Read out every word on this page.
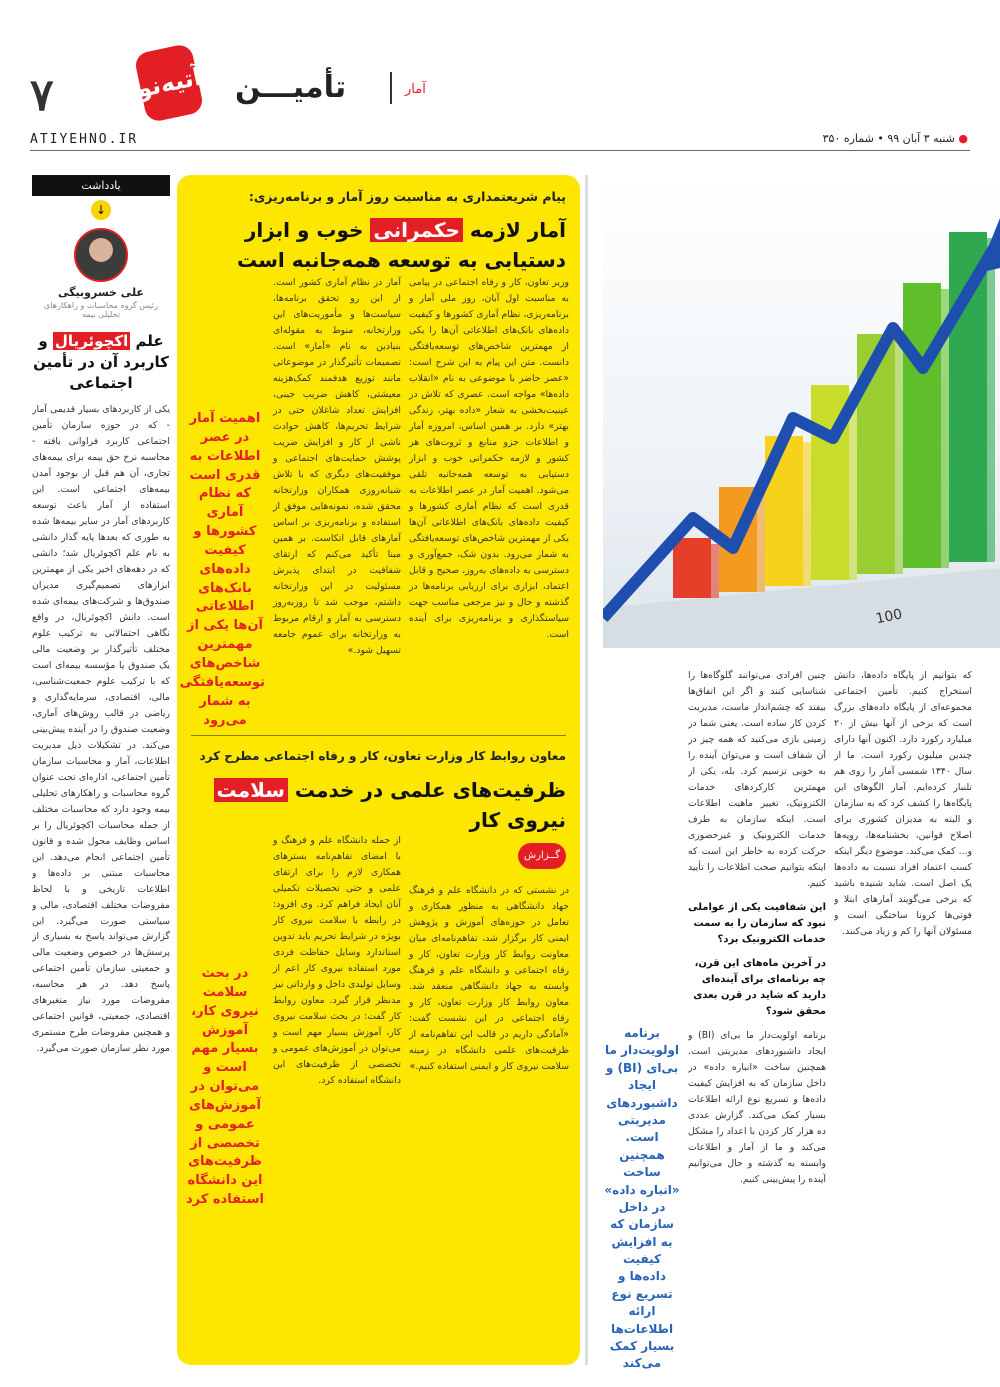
۷	آتیه‌نو تأمیـــن	آمار
ATIYEHNO.IR	● شنبه ۳ آبان ۹۹ • شماره ۳۵۰
یادداشت
↓
علی خسروبیگی
رئیس گروه محاسبات و راهکارهای تحلیلی بیمه
علم اکچوئریال و کاربرد آن در تأمین اجتماعی
یکی از کاربردهای بسیار قدیمی آمار - که در حوزه سازمان تأمین اجتماعی کاربرد فراوانی یافته - محاسبه نرخ حق بیمه برای بیمه‌های تجاری، آن هم قبل از بوجود آمدن بیمه‌های اجتماعی است. این استفاده از آمار باعث توسعه کاربردهای آمار در سایر بیمه‌ها شده به طوری که بعدها پایه گذار دانشی به نام علم اکچوئریال شد؛ دانشی که در دهه‌های اخیر یکی از مهمترین ابزارهای تصمیم‌گیری مدیران صندوق‌ها و شرکت‌های بیمه‌ای شده است. دانش اکچوئریال، در واقع نگاهی احتمالاتی به ترکیب علوم مختلف تأثیرگذار بر وضعیت مالی یک صندوق یا مؤسسه بیمه‌ای است که با ترکیب علوم جمعیت‌شناسی، مالی، اقتصادی، سرمایه‌گذاری و ریاضی در قالب روش‌های آماری، وضعیت صندوق را در آینده پیش‌بینی می‌کند. در تشکیلات ذیل مدیریت اطلاعات، آمار و محاسبات سازمان تأمین اجتماعی، اداره‌ای تحت عنوان گروه محاسبات و راهکارهای تحلیلی بیمه وجود دارد که محاسبات مختلف از جمله محاسبات اکچوئریال را بر اساس وظایف محول شده و قانون تأمین اجتماعی انجام می‌دهد. این محاسبات مبتنی بر داده‌ها و اطلاعات تاریخی و با لحاظ مفروضات مختلف اقتصادی، مالی و سیاستی صورت می‌گیرد. این گزارش می‌تواند پاسخ به بسیاری از پرسش‌ها در خصوص وضعیت مالی و جمعیتی سازمان تأمین اجتماعی پاسخ دهد. در هر محاسبه، مفروضات مورد نیاز متغیرهای اقتصادی، جمعیتی، قوانین اجتماعی و همچنین مفروضات طرح مستمری مورد نظر سازمان صورت می‌گیرد.
پیام شریعتمداری به مناسبت روز آمار و برنامه‌ریزی:
آمار لازمه حکمرانی خوب و ابزار دستیابی به توسعه همه‌جانبه است
اهمیت آمار در عصر اطلاعات به قدری است که نظام آماری کشورها و کیفیت داده‌های بانک‌های اطلاعاتی آن‌ها یکی از مهمترین شاخص‌های توسعه‌یافتگی به شمار می‌رود
آمار در نظام آماری کشور است. از این رو تحقق برنامه‌ها، سیاست‌ها و مأموریت‌های این وزارتخانه، منوط به مقوله‌ای بنیادین به نام «آمار» است. تصمیمات تأثیرگذار در موضوعاتی مانند توزیع هدفمند کمک‌هزینه معیشتی، کاهش ضریب جینی، افزایش تعداد شاغلان حتی در شرایط تحریم‌ها، کاهش حوادث ناشی از کار و افزایش ضریب پوشش حمایت‌های اجتماعی و موفقیت‌های دیگری که با تلاش شبانه‌روزی همکاران وزارتخانه محقق شده، نمونه‌هایی موفق از استفاده و برنامه‌ریزی بر اساس آمارهای قابل اتکاست. بر همین مبنا تأکید می‌کنم که ارتقای شفافیت در ابتدای پذیرش مسئولیت در این وزارتخانه داشتم، موجب شد تا روزبه‌روز دسترسی به آمار و ارقام مربوط به وزارتخانه برای عموم جامعه تسهیل شود.»
وزیر تعاون، کار و رفاه اجتماعی در پیامی به مناسبت اول آبان، روز ملی آمار و برنامه‌ریزی، نظام آماری کشورها و کیفیت داده‌های بانک‌های اطلاعاتی آن‌ها را یکی از مهمترین شاخص‌های توسعه‌یافتگی دانست. متن این پیام به این شرح است: «عصر حاضر با موضوعی به نام «انقلاب داده‌ها» مواجه است. عصری که تلاش در عینیت‌بخشی به شعار «داده بهتر، زندگی بهتر» دارد. بر همین اساس، امروزه آمار و اطلاعات جزو منابع و ثروت‌های هر کشور و لازمه حکمرانی خوب و ابزار دستیابی به توسعه همه‌جانبه تلقی می‌شود. اهمیت آمار در عصر اطلاعات به قدری است که نظام آماری کشورها و کیفیت داده‌های بانک‌های اطلاعاتی آن‌ها یکی از مهمترین شاخص‌های توسعه‌یافتگی به شمار می‌رود. بدون شک، جمع‌آوری و دسترسی به داده‌های به‌روز، صحیح و قابل اعتماد، ابزاری برای ارزیابی برنامه‌ها در گذشته و حال و نیز مرجعی مناسب جهت سیاستگذاری و برنامه‌ریزی برای آینده است.
معاون روابط کار وزارت تعاون، کار و رفاه اجتماعی مطرح کرد
ظرفیت‌های علمی در خدمت سلامت نیروی کار
گــزارش
در بحث سلامت نیروی کار، آموزش بسیار مهم است و می‌توان در آموزش‌های عمومی و تخصصی از ظرفیت‌های این دانشگاه استفاده کرد
از جمله دانشگاه علم و فرهنگ و با امضای تفاهم‌نامه بسترهای همکاری لازم را برای ارتقای علمی و حتی تحصیلات تکمیلی آنان ایجاد فراهم کرد. وی افزود: در رابطه با سلامت نیروی کار بویژه در شرایط تحریم باید تدوین استاندارد وسایل حفاظت فردی مورد استفاده نیروی کار اعم از وسایل تولیدی داخل و وارداتی نیز مدنظر قرار گیرد. معاون روابط کار گفت: در بحث سلامت نیروی کار، آموزش بسیار مهم است و می‌توان در آموزش‌های عمومی و تخصصی از ظرفیت‌های این دانشگاه استفاده کرد.
در نشستی که در دانشگاه علم و فرهنگ جهاد دانشگاهی به منظور همکاری و تعامل در حوزه‌های آموزش و پژوهش ایمنی کار برگزار شد، تفاهم‌نامه‌ای میان معاونت روابط کار وزارت تعاون، کار و رفاه اجتماعی و دانشگاه علم و فرهنگ وابسته به جهاد دانشگاهی منعقد شد. معاون روابط کار وزارت تعاون، کار و رفاه اجتماعی در این نشست گفت: «آمادگی داریم در قالب این تفاهم‌نامه از ظرفیت‌های علمی دانشگاه در زمینه سلامت نیروی کار و ایمنی استفاده کنیم.»
100
که بتوانیم از پایگاه داده‌ها، دانش استخراج کنیم. تأمین اجتماعی مجموعه‌ای از پایگاه داده‌های بزرگ است که برخی از آنها بیش از ۲۰ میلیارد رکورد دارد. اکنون آنها دارای چندین میلیون رکورد است. ما از سال ۱۳۴۰ شمسی آمار را روی هم تلنبار کرده‌ایم. آمار الگوهای این پایگاه‌ها را کشف کرد که به سازمان و البته به مدیران کشوری برای اصلاح قوانین، بخشنامه‌ها، رویه‌ها و... کمک می‌کند. موضوع دیگر اینکه کسب اعتماد افراد نسبت به داده‌ها یک اصل است. شاید شنیده باشید که برخی می‌گویند آمارهای ابتلا و فوتی‌ها کرونا ساختگی است و مسئولان آنها را کم و زیاد می‌کنند.
چنین افرادی می‌توانند گلوگاه‌ها را شناسایی کنند و اگر این اتفاق‌ها بیفتد که چشم‌انداز ماست، مدیریت کردن کار ساده است. یعنی شما در زمینی بازی می‌کنید که همه چیز در آن شفاف است و می‌توان آینده را به خوبی ترسیم کرد. بله، یکی از مهمترین کارکردهای خدمات الکترونیک، تغییر ماهیت اطلاعات است. اینکه سازمان به طرف خدمات الکترونیک و غیرحضوری حرکت کرده به خاطر این است که اینکه بتوانیم صحت اطلاعات را تأیید کنیم.
این شفافیت یکی از عواملی نبود که سازمان را به سمت خدمات الکترونیک برد؟
در آخرین ماه‌های این قرن، چه برنامه‌ای برای آینده‌ای دارید که شاید در قرن بعدی محقق شود؟
برنامه اولویت‌دار ما بی‌ای (BI) و ایجاد داشبوردهای مدیریتی است. همچنین ساخت «انباره داده» در داخل سازمان که به افزایش کیفیت داده‌ها و تسریع نوع ارائه اطلاعات بسیار کمک می‌کند. گزارش عددی ده هزار کار کردن با اعداد را مشکل می‌کند و ما از آمار و اطلاعات وابسته به گذشته و حال می‌توانیم آینده را پیش‌بینی کنیم.
برنامه اولویت‌دار ما بی‌ای (BI) و ایجاد داشبوردهای مدیریتی است. همچنین ساخت «انباره داده» در داخل سازمان که به افزایش کیفیت داده‌ها و تسریع نوع ارائه اطلاعات‌ها بسیار کمک می‌کند
